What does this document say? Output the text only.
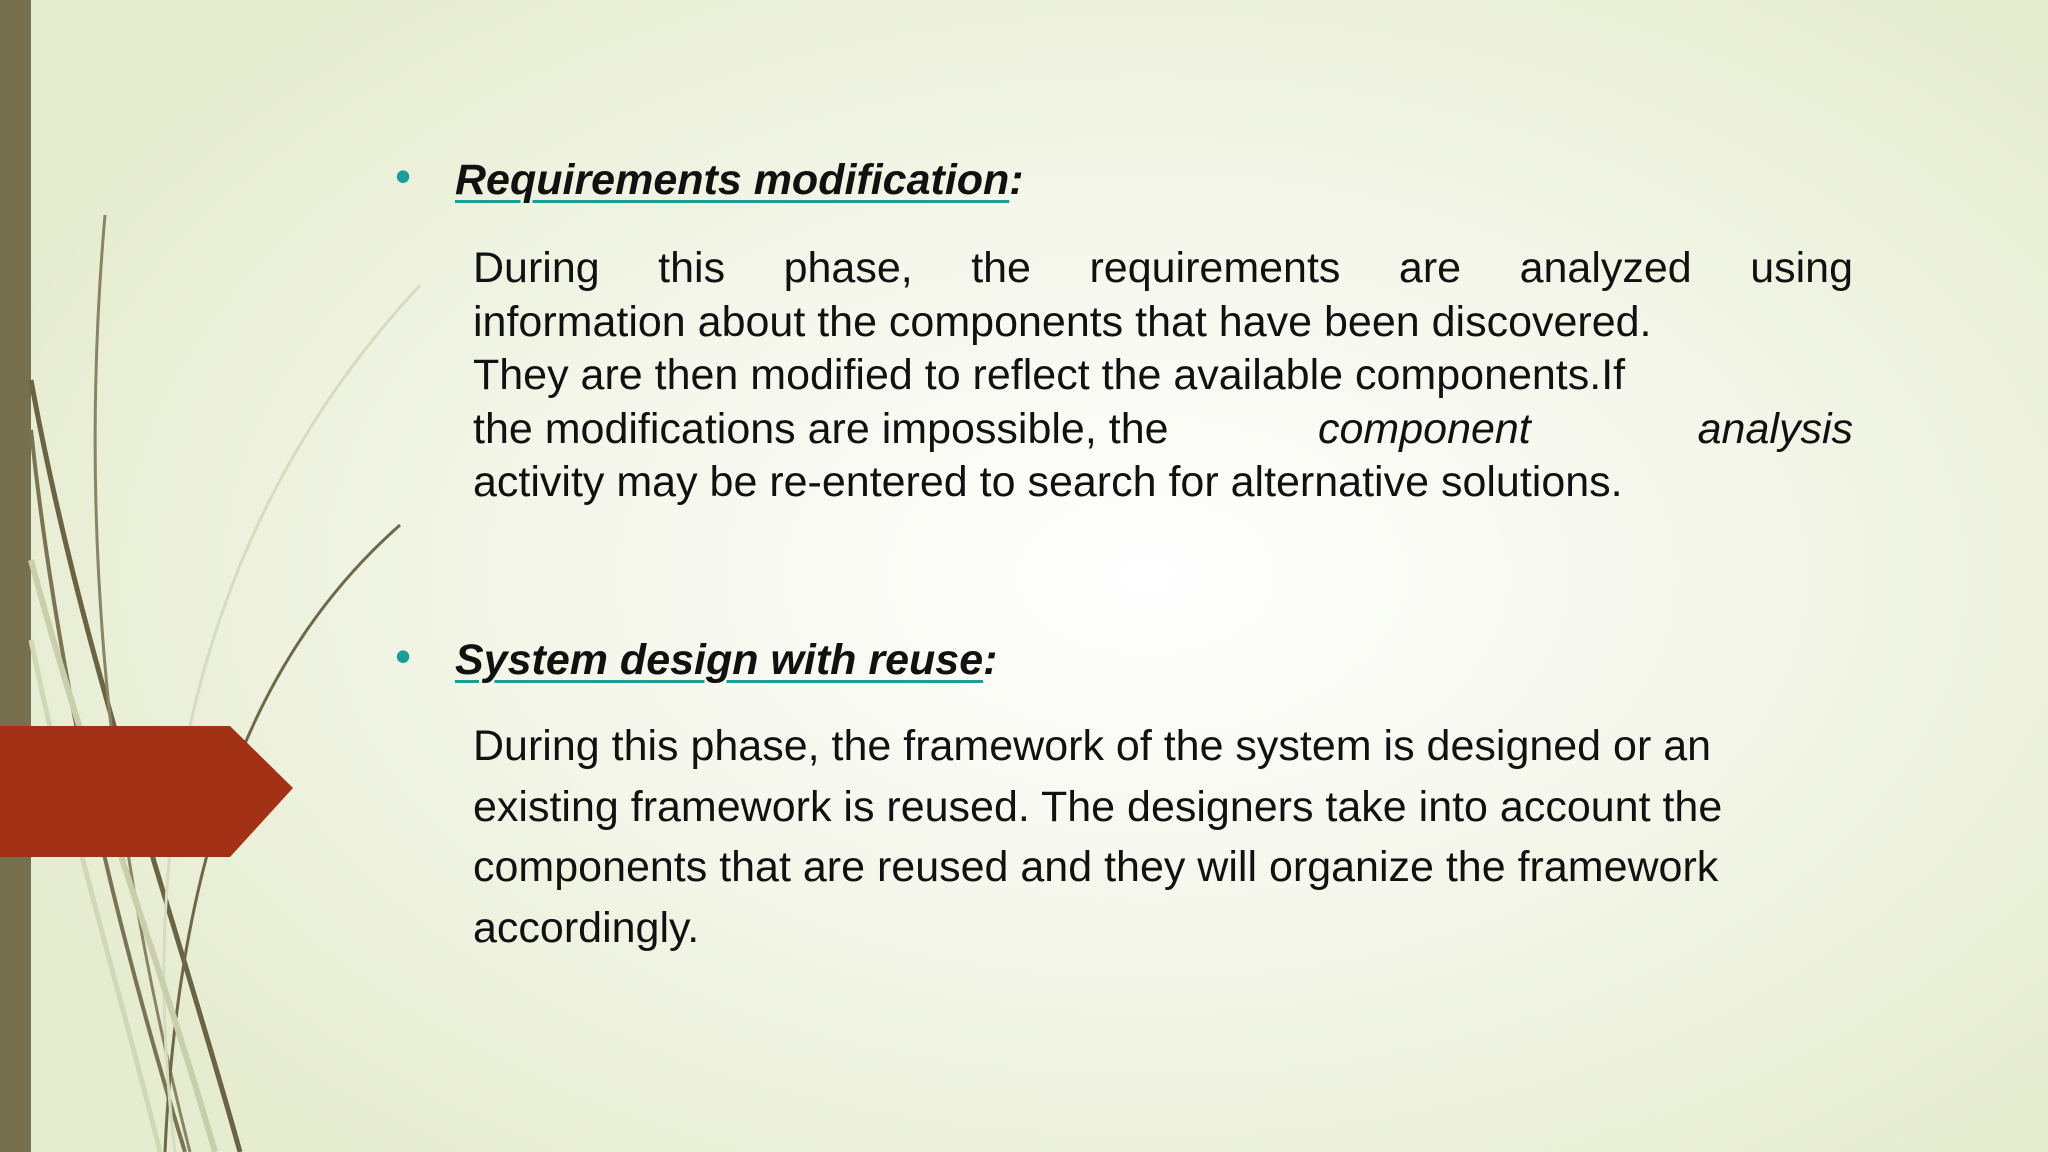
• Requirements modification:
During this phase, the requirements are analyzed using
information about the components that have been discovered.
They are then modified to reflect the available components.If
the modifications are impossible, the	component	analysis
activity may be re-entered to search for alternative solutions.
• System design with reuse:
During this phase, the framework of the system is designed or an
existing framework is reused. The designers take into account the
components that are reused and they will organize the framework
accordingly.
